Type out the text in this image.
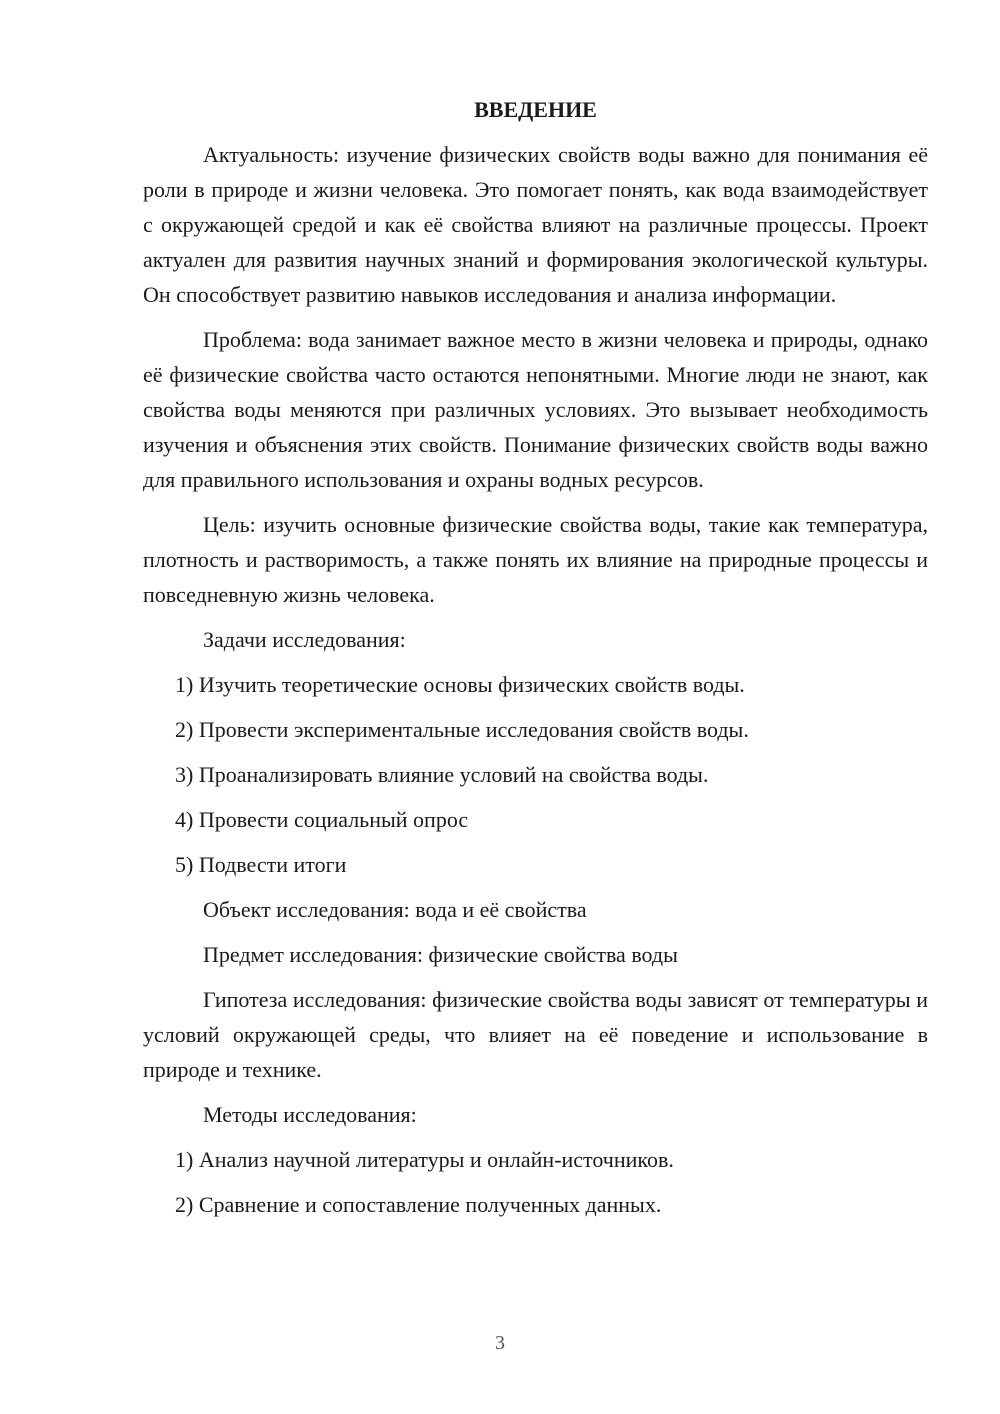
ВВЕДЕНИЕ

Актуальность: изучение физических свойств воды важно для понимания её роли в природе и жизни человека. Это помогает понять, как вода взаимодействует с окружающей средой и как её свойства влияют на различные процессы. Проект актуален для развития научных знаний и формирования экологической культуры. Он способствует развитию навыков исследования и анализа информации.

Проблема: вода занимает важное место в жизни человека и природы, однако её физические свойства часто остаются непонятными. Многие люди не знают, как свойства воды меняются при различных условиях. Это вызывает необходимость изучения и объяснения этих свойств. Понимание физических свойств воды важно для правильного использования и охраны водных ресурсов.

Цель: изучить основные физические свойства воды, такие как температура, плотность и растворимость, а также понять их влияние на природные процессы и повседневную жизнь человека.

Задачи исследования:

1) Изучить теоретические основы физических свойств воды.

2) Провести экспериментальные исследования свойств воды.

3) Проанализировать влияние условий на свойства воды.

4) Провести социальный опрос

5) Подвести итоги

Объект исследования: вода и её свойства

Предмет исследования: физические свойства воды

Гипотеза исследования: физические свойства воды зависят от температуры и условий окружающей среды, что влияет на её поведение и использование в природе и технике.

Методы исследования:

1) Анализ научной литературы и онлайн-источников.

2) Сравнение и сопоставление полученных данных.

3
